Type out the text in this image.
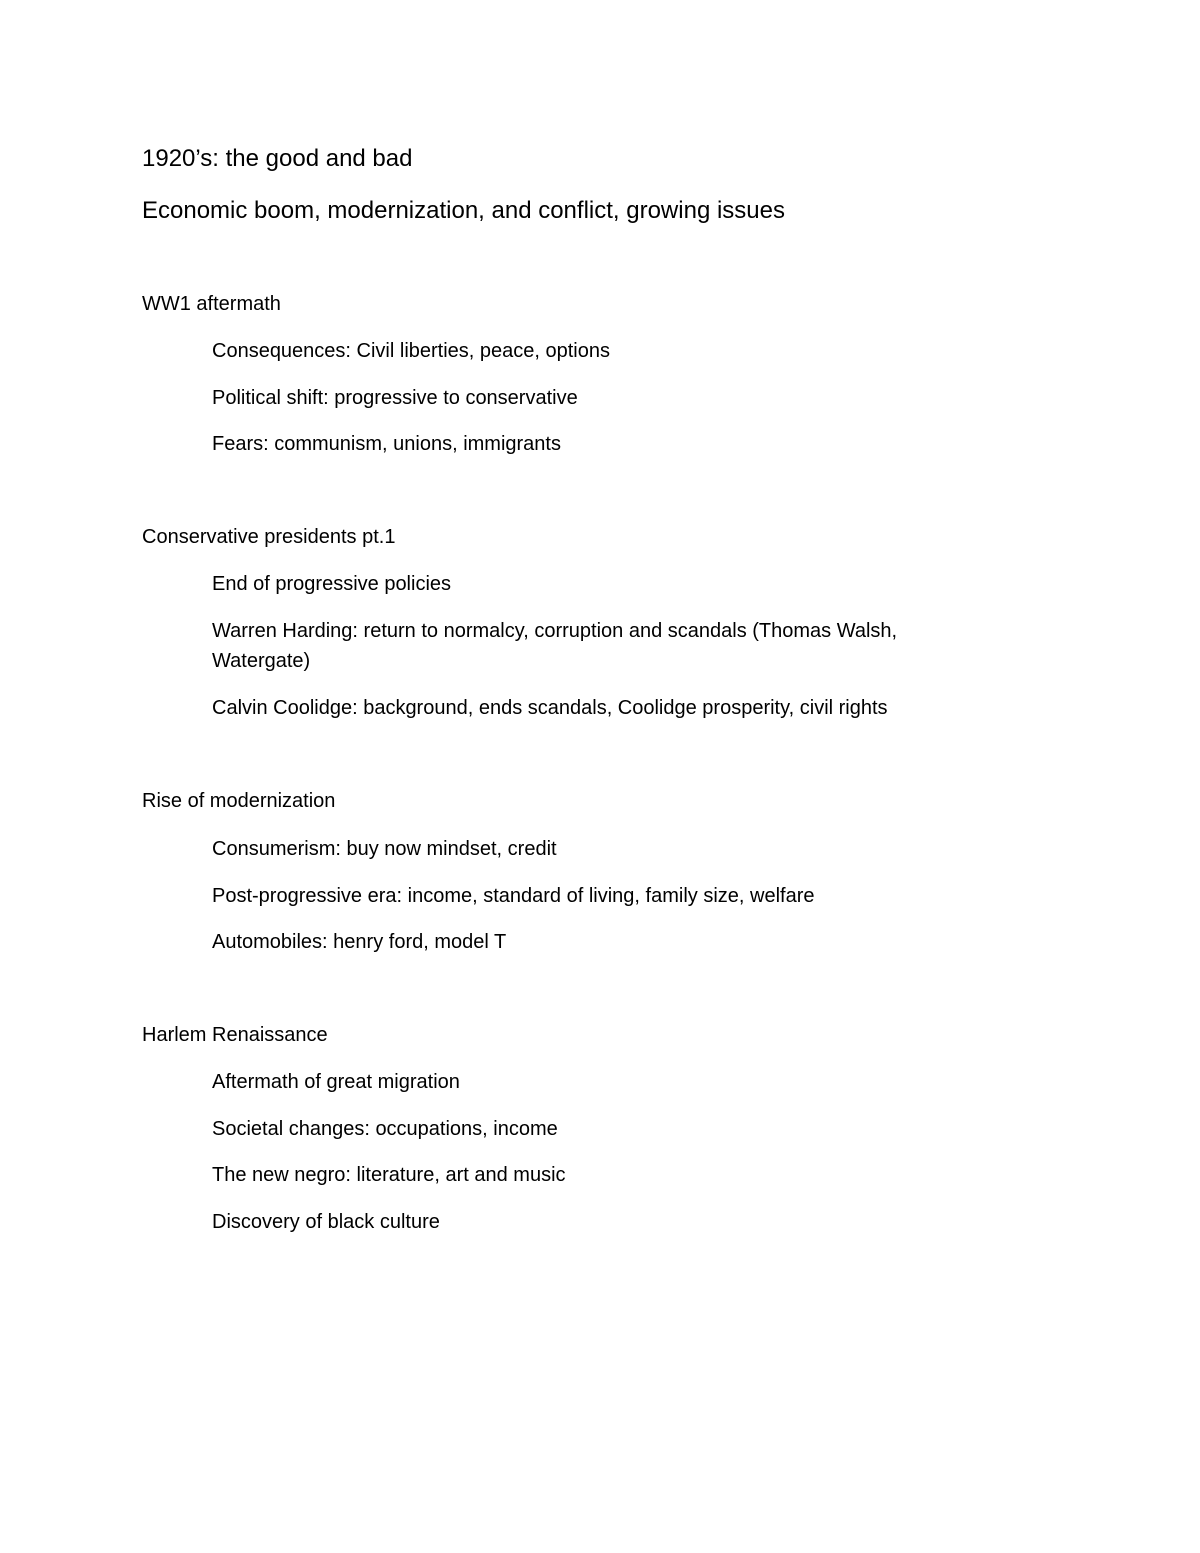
1920’s: the good and bad
Economic boom, modernization, and conflict, growing issues
WW1 aftermath
Consequences: Civil liberties, peace, options
Political shift: progressive to conservative
Fears: communism, unions, immigrants
Conservative presidents pt.1
End of progressive policies
Warren Harding: return to normalcy, corruption and scandals (Thomas Walsh, Watergate)
Calvin Coolidge: background, ends scandals, Coolidge prosperity, civil rights
Rise of modernization
Consumerism: buy now mindset, credit
Post-progressive era: income, standard of living, family size, welfare
Automobiles: henry ford, model T
Harlem Renaissance
Aftermath of great migration
Societal changes: occupations, income
The new negro: literature, art and music
Discovery of black culture
